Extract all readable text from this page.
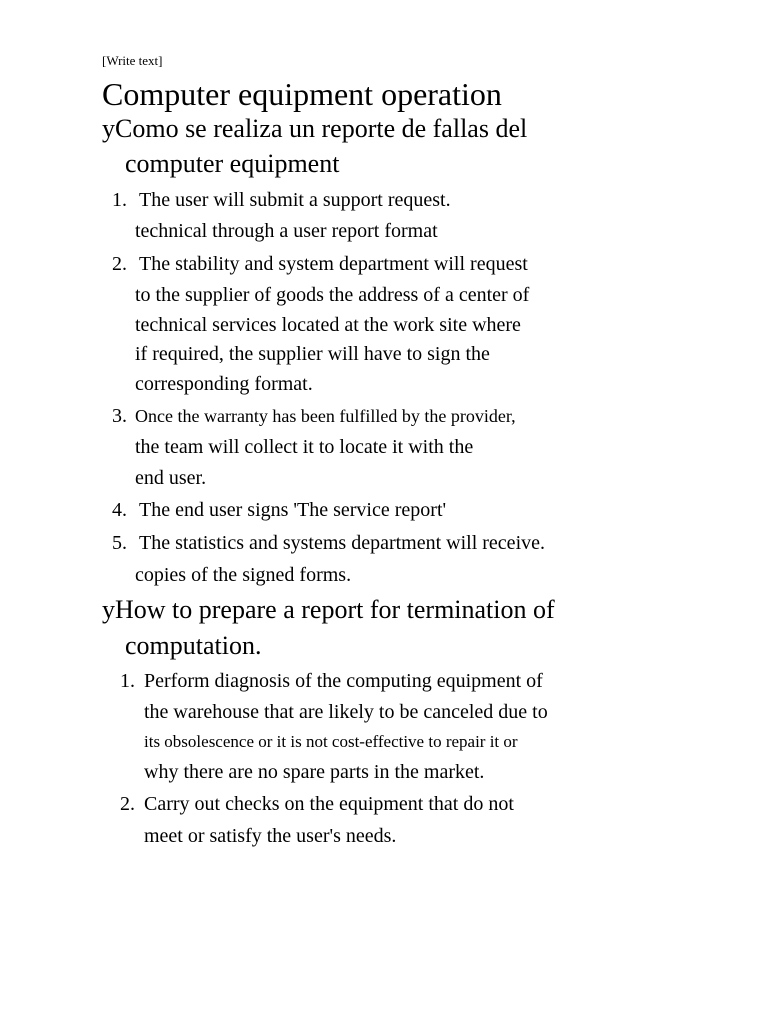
[Write text]
Computer equipment operation
yComo se realiza un reporte de fallas del
computer equipment
1. The user will submit a support request.
technical through a user report format
2. The stability and system department will request
to the supplier of goods the address of a center of
technical services located at the work site where
if required, the supplier will have to sign the
corresponding format.
3. Once the warranty has been fulfilled by the provider,
the team will collect it to locate it with the
end user.
4. The end user signs 'The service report'
5. The statistics and systems department will receive.
copies of the signed forms.
yHow to prepare a report for termination of
computation.
1. Perform diagnosis of the computing equipment of
the warehouse that are likely to be canceled due to
its obsolescence or it is not cost-effective to repair it or
why there are no spare parts in the market.
2. Carry out checks on the equipment that do not
meet or satisfy the user's needs.
